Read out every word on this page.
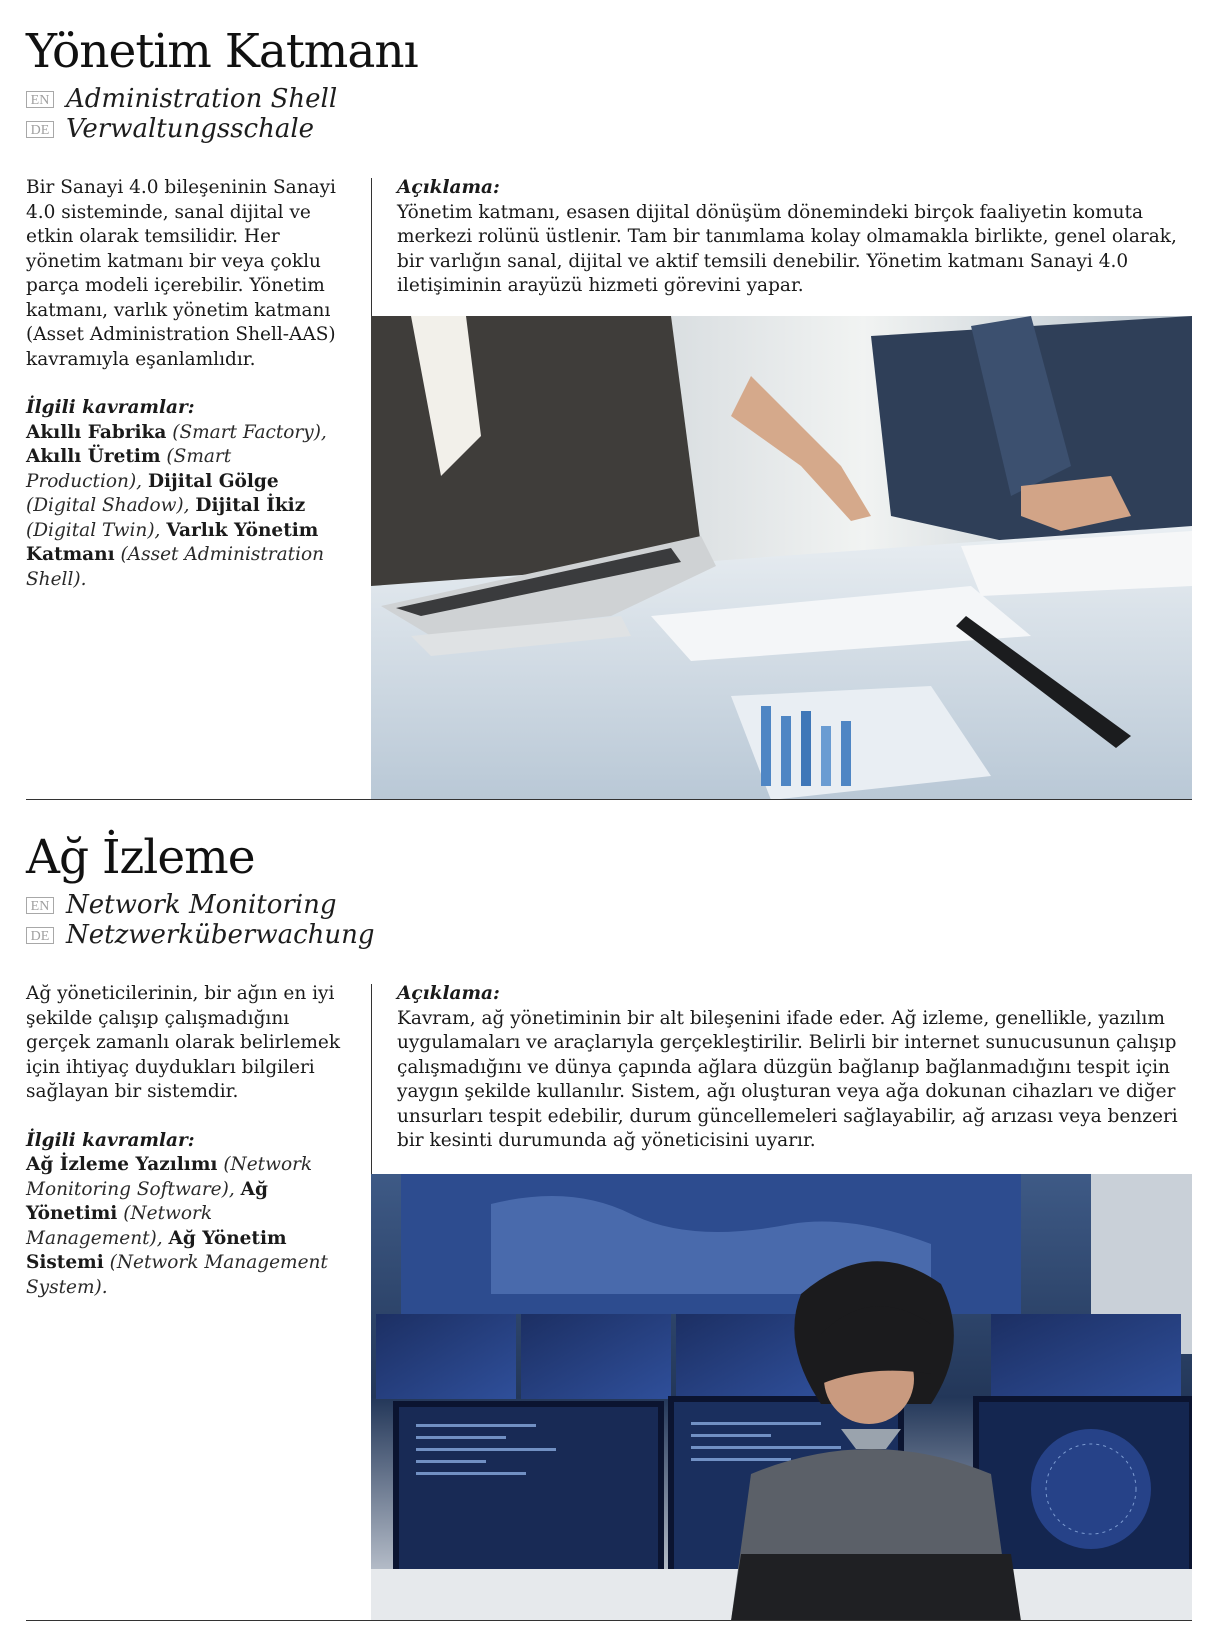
Yönetim Katmanı
EN Administration Shell
DE Verwaltungsschale

Bir Sanayi 4.0 bileşeninin Sanayi 4.0 sisteminde, sanal dijital ve etkin olarak temsilidir. Her yönetim katmanı bir veya çoklu parça modeli içerebilir. Yönetim katmanı, varlık yönetim katmanı (Asset Administration Shell-AAS) kavramıyla eşanlamlıdır.

İlgili kavramlar:

Akıllı Fabrika (Smart Factory), Akıllı Üretim (Smart Production), Dijital Gölge (Digital Shadow), Dijital İkiz (Digital Twin), Varlık Yönetim Katmanı (Asset Administration Shell).

Açıklama:

Yönetim katmanı, esasen dijital dönüşüm dönemindeki birçok faaliyetin komuta merkezi rolünü üstlenir. Tam bir tanımlama kolay olmamakla birlikte, genel olarak, bir varlığın sanal, dijital ve aktif temsili denebilir. Yönetim katmanı Sanayi 4.0 iletişiminin arayüzü hizmeti görevini yapar.

Ağ İzleme
EN Network Monitoring
DE Netzwerküberwachung

Ağ yöneticilerinin, bir ağın en iyi şekilde çalışıp çalışmadığını gerçek zamanlı olarak belirlemek için ihtiyaç duydukları bilgileri sağlayan bir sistemdir.

İlgili kavramlar:

Ağ İzleme Yazılımı (Network Monitoring Software), Ağ Yönetimi (Network Management), Ağ Yönetim Sistemi (Network Management System).

Açıklama:

Kavram, ağ yönetiminin bir alt bileşenini ifade eder. Ağ izleme, genellikle, yazılım uygulamaları ve araçlarıyla gerçekleştirilir. Belirli bir internet sunucusunun çalışıp çalışmadığını ve dünya çapında ağlara düzgün bağlanıp bağlanmadığını tespit için yaygın şekilde kullanılır. Sistem, ağı oluşturan veya ağa dokunan cihazları ve diğer unsurları tespit edebilir, durum güncellemeleri sağlayabilir, ağ arızası veya benzeri bir kesinti durumunda ağ yöneticisini uyarır.
